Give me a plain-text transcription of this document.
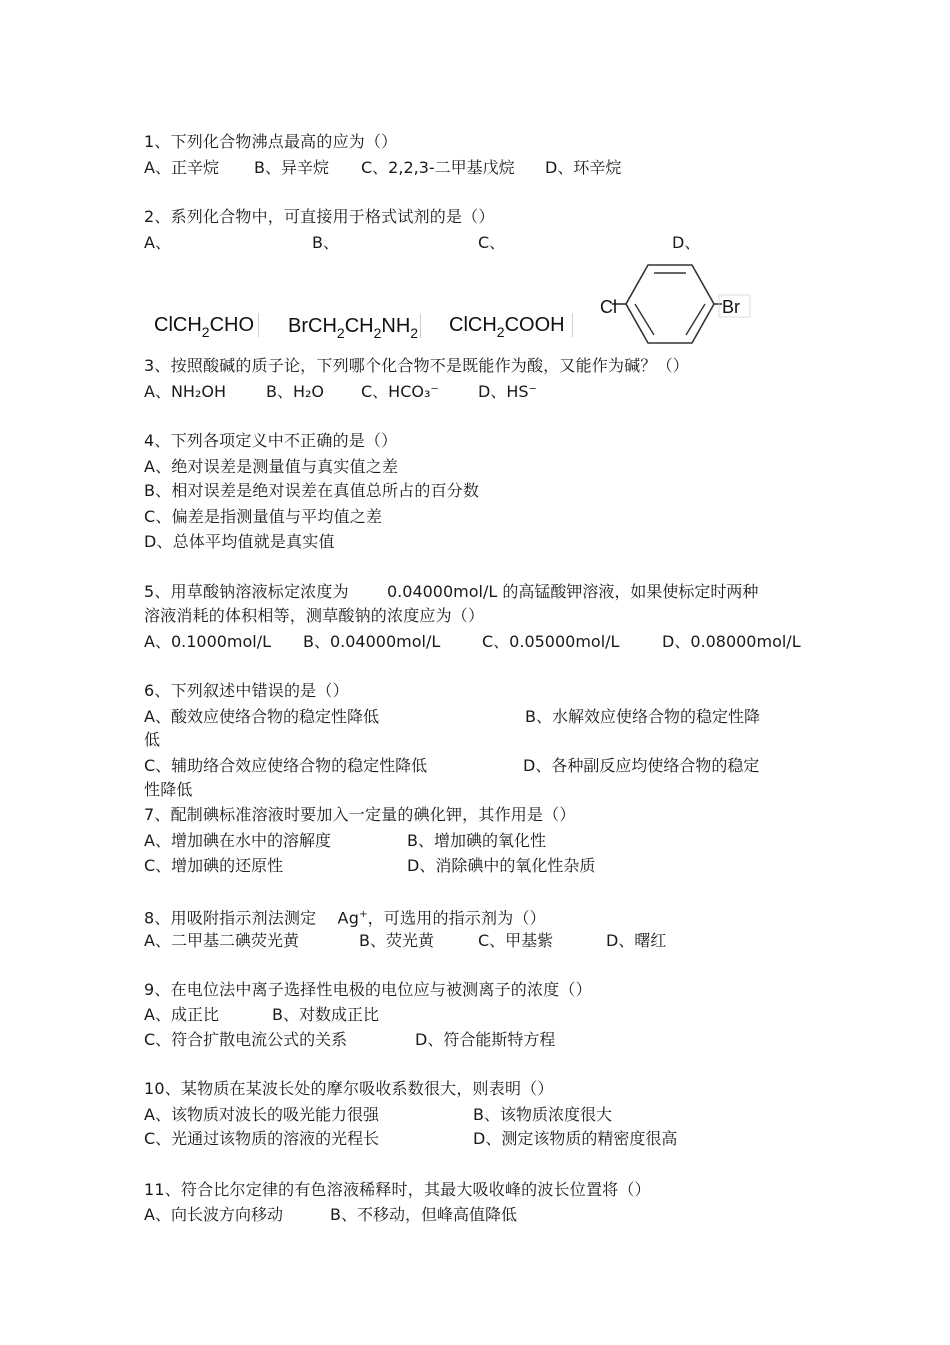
1、下列化合物沸点最高的应为（）
A、正辛烷 B、异辛烷 C、2,2,3-二甲基戊烷 D、环辛烷
2、系列化合物中，可直接用于格式试剂的是（）
A、	B、	C、	D、
ClCH$_2$CHO $BrCH_2CH_2NH_2$ ClCH$_2$COOH
Cl	Br
3、按照酸碱的质子论，下列哪个化合物不是既能作为酸，又能作为碱？（）
A、NH₂OH	B、H₂O C、HCO₃⁻ D、HS⁻
4、下列各项定义中不正确的是（）
A、绝对误差是测量值与真实值之差
B、相对误差是绝对误差在真值总所占的百分数
C、偏差是指测量值与平均值之差
D、总体平均值就是真实值
5、用草酸钠溶液标定浓度为 0.04000mol/L 的高锰酸钾溶液，如果使标定时两种
溶液消耗的体积相等，测草酸钠的浓度应为（）
A、0.1000mol/L B、0.04000mol/L	C、0.05000mol/L	D、0.08000mol/L
6、下列叙述中错误的是（）
A、酸效应使络合物的稳定性降低	B、水解效应使络合物的稳定性降
低
C、辅助络合效应使络合物的稳定性降低	D、各种副反应均使络合物的稳定
性降低
7、配制碘标准溶液时要加入一定量的碘化钾，其作用是（）
A、增加碘在水中的溶解度	B、增加碘的氧化性
C、增加碘的还原性	D、消除碘中的氧化性杂质
8、用吸附指示剂法测定 Ag+，可选用的指示剂为（）
A、二甲基二碘荧光黄	B、荧光黄	C、甲基紫	D、曙红
9、在电位法中离子选择性电极的电位应与被测离子的浓度（）
A、成正比	B、对数成正比
C、符合扩散电流公式的关系	D、符合能斯特方程
10、某物质在某波长处的摩尔吸收系数很大，则表明（）
A、该物质对波长的吸光能力很强	B、该物质浓度很大
C、光通过该物质的溶液的光程长	D、测定该物质的精密度很高
11、符合比尔定律的有色溶液稀释时，其最大吸收峰的波长位置将（）
A、向长波方向移动	B、不移动，但峰高值降低
